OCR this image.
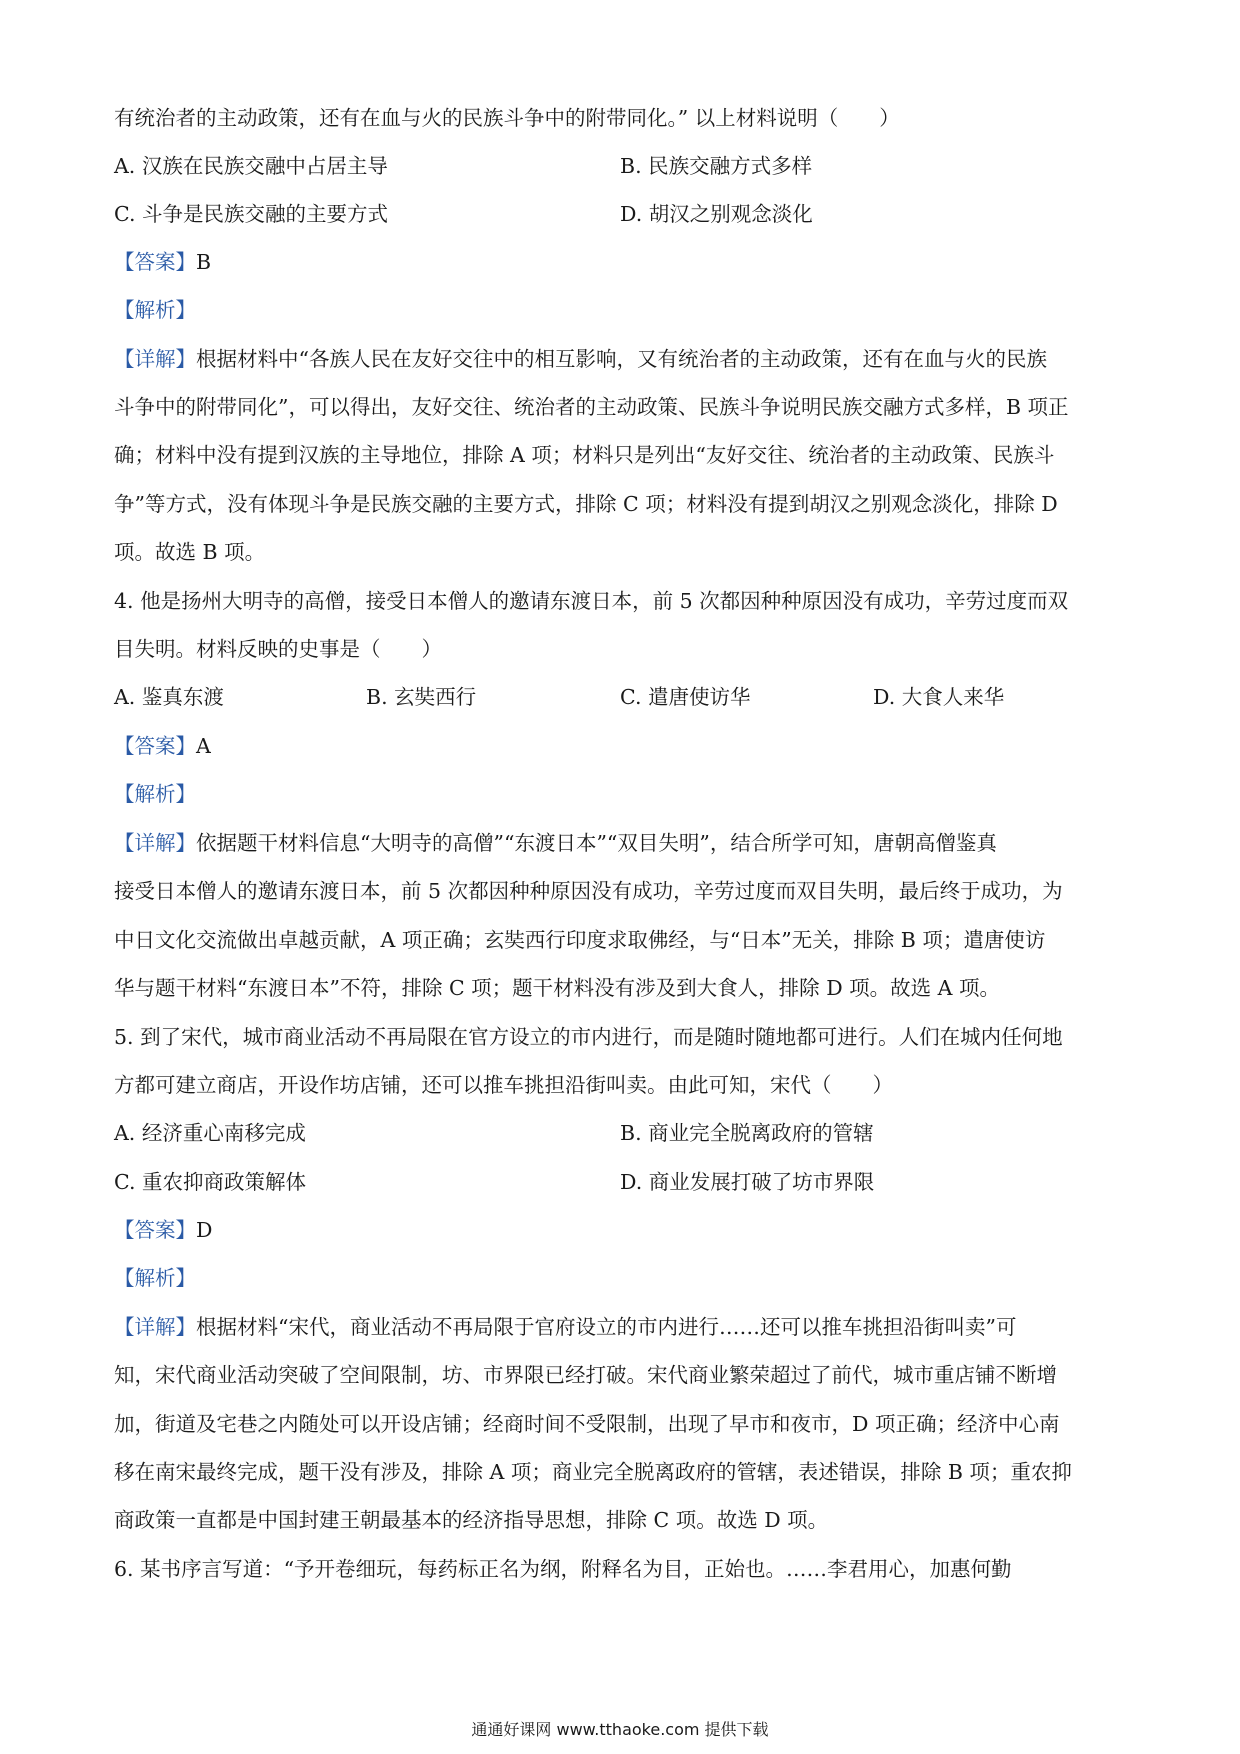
有统治者的主动政策，还有在血与火的民族斗争中的附带同化。” 以上材料说明（　　）
A. 汉族在民族交融中占居主导	B. 民族交融方式多样
C. 斗争是民族交融的主要方式	D. 胡汉之别观念淡化
【答案】B
【解析】
【详解】根据材料中“各族人民在友好交往中的相互影响，又有统治者的主动政策，还有在血与火的民族
斗争中的附带同化”，可以得出，友好交往、统治者的主动政策、民族斗争说明民族交融方式多样，B 项正
确；材料中没有提到汉族的主导地位，排除 A 项；材料只是列出“友好交往、统治者的主动政策、民族斗
争”等方式，没有体现斗争是民族交融的主要方式，排除 C 项；材料没有提到胡汉之别观念淡化，排除 D
项。故选 B 项。
4. 他是扬州大明寺的高僧，接受日本僧人的邀请东渡日本，前 5 次都因种种原因没有成功，辛劳过度而双
目失明。材料反映的史事是（　　）
A. 鉴真东渡	B. 玄奘西行	C. 遣唐使访华	D. 大食人来华
【答案】A
【解析】
【详解】依据题干材料信息“大明寺的高僧”“东渡日本”“双目失明”，结合所学可知，唐朝高僧鉴真
接受日本僧人的邀请东渡日本，前 5 次都因种种原因没有成功，辛劳过度而双目失明，最后终于成功，为
中日文化交流做出卓越贡献，A 项正确；玄奘西行印度求取佛经，与“日本”无关，排除 B 项；遣唐使访
华与题干材料“东渡日本”不符，排除 C 项；题干材料没有涉及到大食人，排除 D 项。故选 A 项。
5. 到了宋代，城市商业活动不再局限在官方设立的市内进行，而是随时随地都可进行。人们在城内任何地
方都可建立商店，开设作坊店铺，还可以推车挑担沿街叫卖。由此可知，宋代（　　）
A. 经济重心南移完成	B. 商业完全脱离政府的管辖
C. 重农抑商政策解体	D. 商业发展打破了坊市界限
【答案】D
【解析】
【详解】根据材料“宋代，商业活动不再局限于官府设立的市内进行……还可以推车挑担沿街叫卖”可
知，宋代商业活动突破了空间限制，坊、市界限已经打破。宋代商业繁荣超过了前代，城市重店铺不断增
加，街道及宅巷之内随处可以开设店铺；经商时间不受限制，出现了早市和夜市，D 项正确；经济中心南
移在南宋最终完成，题干没有涉及，排除 A 项；商业完全脱离政府的管辖，表述错误，排除 B 项；重农抑
商政策一直都是中国封建王朝最基本的经济指导思想，排除 C 项。故选 D 项。
6. 某书序言写道：“予开卷细玩，每药标正名为纲，附释名为目，正始也。……李君用心，加惠何勤
通通好课网 www.tthaoke.com 提供下载
